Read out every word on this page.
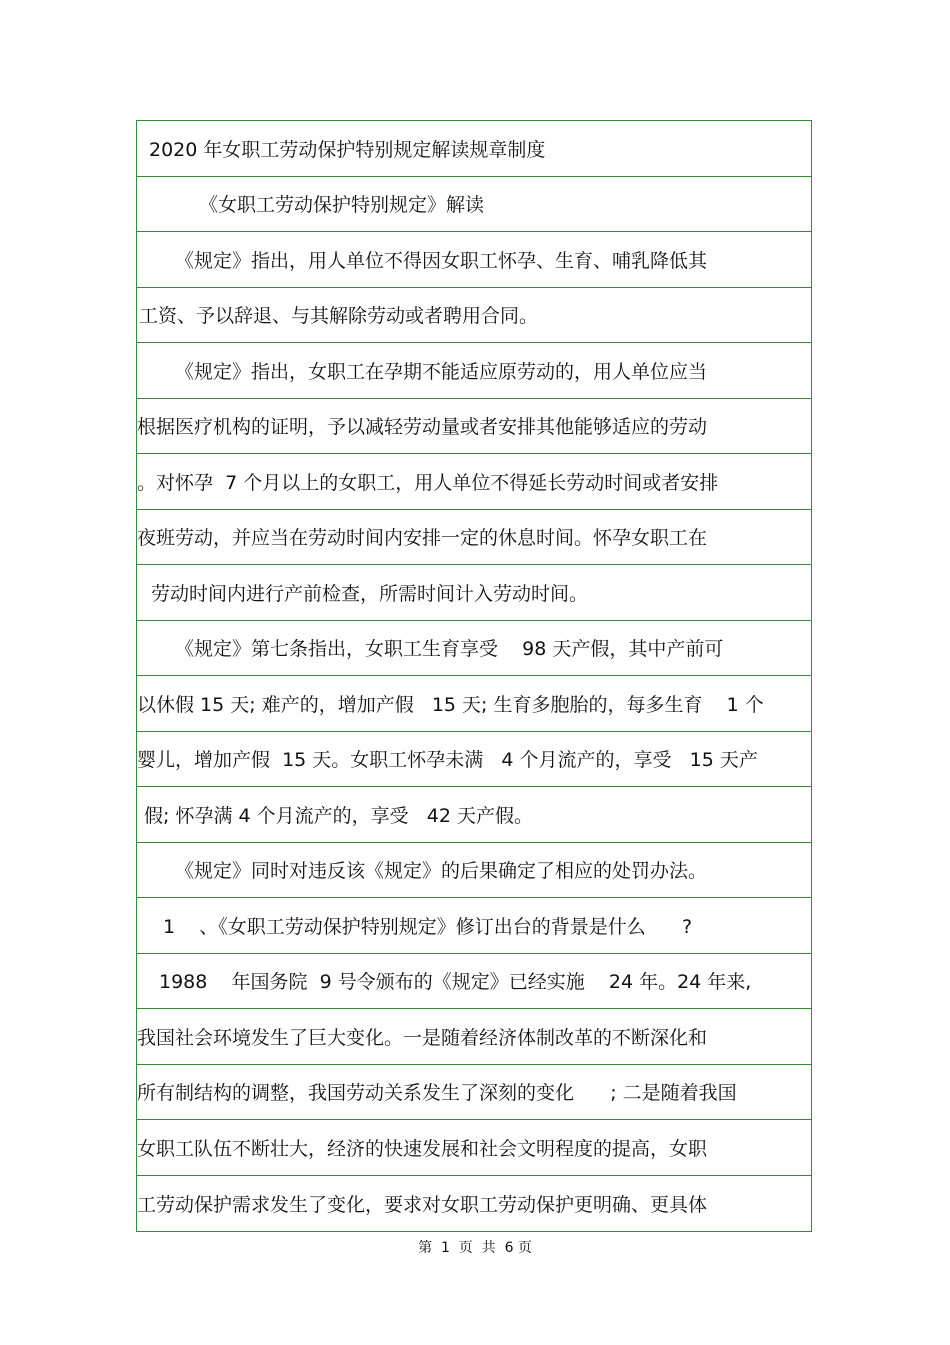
2020 年女职工劳动保护特别规定解读规章制度
《女职工劳动保护特别规定》解读
《规定》指出，用人单位不得因女职工怀孕、生育、哺乳降低其
工资、予以辞退、与其解除劳动或者聘用合同。
《规定》指出，女职工在孕期不能适应原劳动的，用人单位应当
根据医疗机构的证明，予以减轻劳动量或者安排其他能够适应的劳动
。对怀孕  7 个月以上的女职工，用人单位不得延长劳动时间或者安排
夜班劳动，并应当在劳动时间内安排一定的休息时间。怀孕女职工在
劳动时间内进行产前检查，所需时间计入劳动时间。
《规定》第七条指出，女职工生育享受    98 天产假，其中产前可
以休假 15 天; 难产的，增加产假   15 天; 生育多胞胎的，每多生育    1 个
婴儿，增加产假  15 天。女职工怀孕未满   4 个月流产的，享受   15 天产
假; 怀孕满 4 个月流产的，享受   42 天产假。
《规定》同时对违反该《规定》的后果确定了相应的处罚办法。
1    、《女职工劳动保护特别规定》修订出台的背景是什么      ?
1988    年国务院  9 号令颁布的《规定》已经实施    24 年。24 年来,
我国社会环境发生了巨大变化。一是随着经济体制改革的不断深化和
所有制结构的调整，我国劳动关系发生了深刻的变化      ; 二是随着我国
女职工队伍不断壮大，经济的快速发展和社会文明程度的提高，女职
工劳动保护需求发生了变化，要求对女职工劳动保护更明确、更具体
第  1  页  共  6 页
